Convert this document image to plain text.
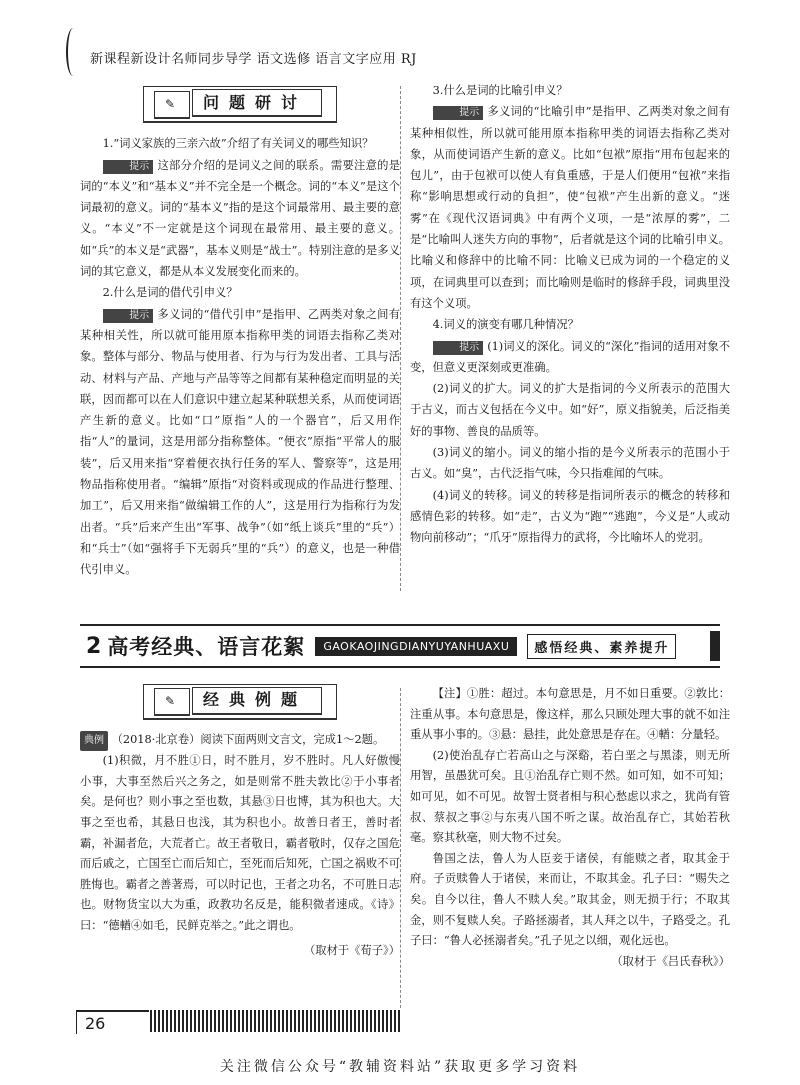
新课程新设计名师同步导学 语文选修 语言文字应用 RJ
✎ 问题研讨

1.“词义家族的三亲六故”介绍了有关词义的哪些知识？

提示 这部分介绍的是词义之间的联系。需要注意的是词的“本义”和“基本义”并不完全是一个概念。词的“本义”是这个词最初的意义。词的“基本义”指的是这个词最常用、最主要的意义。“本义”不一定就是这个词现在最常用、最主要的意义。如“兵”的本义是“武器”，基本义则是“战士”。特别注意的是多义词的其它意义，都是从本义发展变化而来的。

2.什么是词的借代引申义？

提示 多义词的“借代引申”是指甲、乙两类对象之间有某种相关性，所以就可能用原本指称甲类的词语去指称乙类对象。整体与部分、物品与使用者、行为与行为发出者、工具与活动、材料与产品、产地与产品等等之间都有某种稳定而明显的关联，因而都可以在人们意识中建立起某种联想关系，从而使词语产生新的意义。比如“口”原指“人的一个器官”，后又用作指“人”的量词，这是用部分指称整体。“便衣”原指“平常人的服装”，后又用来指“穿着便衣执行任务的军人、警察等”，这是用物品指称使用者。“编辑”原指“对资料或现成的作品进行整理、加工”，后又用来指“做编辑工作的人”，这是用行为指称行为发出者。“兵”后来产生出“军事、战争”（如“纸上谈兵”里的“兵”）和“兵士”（如“强将手下无弱兵”里的“兵”）的意义，也是一种借代引申义。

3.什么是词的比喻引申义？

提示 多义词的“比喻引申”是指甲、乙两类对象之间有某种相似性，所以就可能用原本指称甲类的词语去指称乙类对象，从而使词语产生新的意义。比如“包袱”原指“用布包起来的包儿”，由于包袱可以使人有負重感，于是人们便用“包袱”来指称“影响思想或行动的負担”，使“包袱”产生出新的意义。“迷雾”在《现代汉语词典》中有两个义项，一是“浓厚的雾”，二是“比喻叫人迷失方向的事物”，后者就是这个词的比喻引申义。比喻义和修辞中的比喻不同：比喻义已成为词的一个稳定的义项，在词典里可以查到；而比喻则是临时的修辞手段，词典里没有这个义项。

4.词义的演变有哪几种情况？

提示 (1)词义的深化。词义的“深化”指词的适用对象不变，但意义更深刻或更准确。

(2)词义的扩大。词义的扩大是指词的今义所表示的范围大于古义，而古义包括在今义中。如“好”，原义指貌美，后泛指美好的事物、善良的品质等。

(3)词义的缩小。词义的缩小指的是今义所表示的范围小于古义。如“臭”，古代泛指气味，今只指难闻的气味。

(4)词义的转移。词义的转移是指词所表示的概念的转移和感情色彩的转移。如“走”，古义为“跑”“逃跑”，今义是“人或动物向前移动”；“爪牙”原指得力的武将，今比喻坏人的党羽。

2 高考经典、语言花絮	GAOKAOJINGDIANYUYANHUAXU	感悟经典、素养提升
✎ 经典例题

典例 （2018·北京卷）阅读下面两则文言文，完成1～2题。

(1)积微，月不胜①日，时不胜月，岁不胜时。凡人好傲慢小事，大事至然后兴之务之，如是则常不胜夫敦比②于小事者矣。是何也？则小事之至也数，其悬③日也博，其为积也大。大事之至也希，其悬日也浅，其为积也小。故善日者王，善时者霸，补漏者危，大荒者亡。故王者敬日，霸者敬时，仅存之国危而后戚之，亡国至亡而后知亡，至死而后知死，亡国之祸败不可胜悔也。霸者之善著焉，可以时记也，王者之功名，不可胜日志也。财物货宝以大为重，政教功名反是，能积微者速成。《诗》曰：“德輶④如毛，民鲜克举之。”此之谓也。

（取材于《荀子》）

【注】①胜：超过。本句意思是，月不如日重要。②敦比：注重从事。本句意思是，像这样，那么只顾处理大事的就不如注重从事小事的。③悬：悬挂，此处意思是存在。④輶：分量轻。

(2)使治乱存亡若高山之与深谿，若白垩之与黑漆，则无所用智，虽愚犹可矣。且①治乱存亡则不然。如可知，如不可知；如可见，如不可见。故智士贤者相与积心愁虑以求之，犹尚有管叔、蔡叔之事②与东夷八国不听之谋。故治乱存亡，其始若秋毫。察其秋毫，则大物不过矣。

鲁国之法，鲁人为人臣妾于诸侯，有能赎之者，取其金于府。子贡赎鲁人于诸侯，来而让，不取其金。孔子曰：“赐失之矣。自今以往，鲁人不赎人矣。”取其金，则无损于行；不取其金，则不复赎人矣。子路拯溺者，其人拜之以牛，子路受之。孔子曰：“鲁人必拯溺者矣。”孔子见之以细，观化远也。

（取材于《吕氏春秋》）

26
关注微信公众号“教辅资料站”获取更多学习资料
